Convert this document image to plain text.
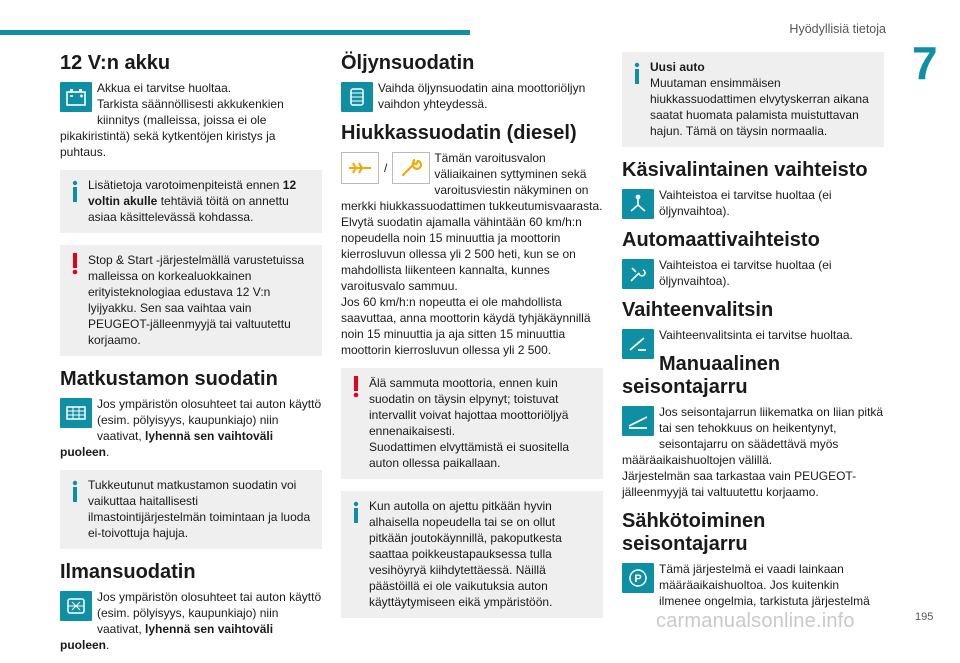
Hyödyllisiä tietoja
7
12 V:n akku
Akkua ei tarvitse huoltaa.
Tarkista säännöllisesti akkukenkien kiinnitys (malleissa, joissa ei ole pikakiristintä) sekä kytkentöjen kiristys ja puhtaus.
Lisätietoja varotoimenpiteistä ennen 12 voltin akulle tehtäviä töitä on annettu asiaa käsittelevässä kohdassa.
Stop & Start -järjestelmällä varustetuissa malleissa on korkealuokkainen erityisteknologiaa edustava 12 V:n lyijyakku. Sen saa vaihtaa vain PEUGEOT-jälleenmyyjä tai valtuutettu korjaamo.
Matkustamon suodatin
Jos ympäristön olosuhteet tai auton käyttö (esim. pölyisyys, kaupunkiajo) niin vaativat, lyhennä sen vaihtoväli puoleen.
Tukkeutunut matkustamon suodatin voi vaikuttaa haitallisesti ilmastointijärjestelmän toimintaan ja luoda ei-toivottuja hajuja.
Ilmansuodatin
Jos ympäristön olosuhteet tai auton käyttö (esim. pölyisyys, kaupunkiajo) niin vaativat, lyhennä sen vaihtoväli puoleen.
Öljynsuodatin
Vaihda öljynsuodatin aina moottoriöljyn vaihdon yhteydessä.
Hiukkassuodatin (diesel)
/
Tämän varoitusvalon väliaikainen syttyminen sekä varoitusviestin näkyminen on merkki hiukkassuodattimen tukkeutumisvaarasta. Elvytä suodatin ajamalla vähintään 60 km/h:n nopeudella noin 15 minuuttia ja moottorin kierrosluvun ollessa yli 2 500 heti, kun se on mahdollista liikenteen kannalta, kunnes varoitusvalo sammuu.
Jos 60 km/h:n nopeutta ei ole mahdollista saavuttaa, anna moottorin käydä tyhjäkäynnillä noin 15 minuuttia ja aja sitten 15 minuuttia moottorin kierrosluvun ollessa yli 2 500.
Älä sammuta moottoria, ennen kuin suodatin on täysin elpynyt; toistuvat intervallit voivat hajottaa moottoriöljyä ennenaikaisesti.
Suodattimen elvyttämistä ei suositella auton ollessa paikallaan.
Kun autolla on ajettu pitkään hyvin alhaisella nopeudella tai se on ollut pitkään joutokäynnillä, pakoputkesta saattaa poikkeustapauksessa tulla vesihöyryä kiihdytettäessä. Näillä päästöillä ei ole vaikutuksia auton käyttäytymiseen eikä ympäristöön.
Uusi auto
Muutaman ensimmäisen hiukkassuodattimen elvytyskerran aikana saatat huomata palamista muistuttavan hajun. Tämä on täysin normaalia.
Käsivalintainen vaihteisto
Vaihteistoa ei tarvitse huoltaa (ei öljynvaihtoa).
Automaattivaihteisto
Vaihteistoa ei tarvitse huoltaa (ei öljynvaihtoa).
Vaihteenvalitsin
Vaihteenvalitsinta ei tarvitse huoltaa.
Manuaalinen seisontajarru
Jos seisontajarrun liikematka on liian pitkä tai sen tehokkuus on heikentynyt, seisontajarru on säädettävä myös määräaikaishuoltojen välillä.
Järjestelmän saa tarkastaa vain PEUGEOT-jälleenmyyjä tai valtuutettu korjaamo.
Sähkötoiminen seisontajarru
P
Tämä järjestelmä ei vaadi lainkaan määräaikaishuoltoa. Jos kuitenkin ilmenee ongelmia, tarkistuta järjestelmä
carmanualsonline.info	195
